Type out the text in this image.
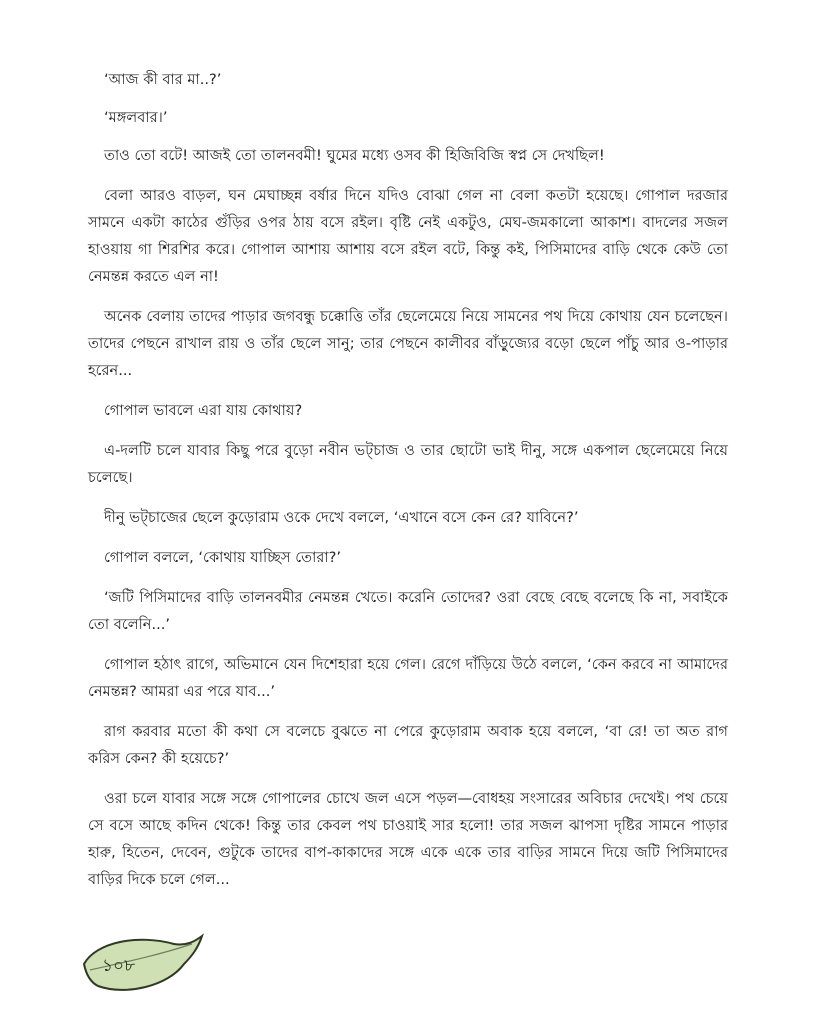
‘আজ কী বার মা..?’

‘মঙ্গলবার।’

তাও তো বটে! আজই তো তালনবমী! ঘুমের মধ্যে ওসব কী হিজিবিজি স্বপ্ন সে দেখছিল!

বেলা আরও বাড়ল, ঘন মেঘাচ্ছন্ন বর্ষার দিনে যদিও বোঝা গেল না বেলা কতটা হয়েছে। গোপাল দরজার সামনে একটা কাঠের গুঁড়ির ওপর ঠায় বসে রইল। বৃষ্টি নেই একটুও, মেঘ-জমকালো আকাশ। বাদলের সজল হাওয়ায় গা শিরশির করে। গোপাল আশায় আশায় বসে রইল বটে, কিন্তু কই, পিসিমাদের বাড়ি থেকে কেউ তো নেমন্তন্ন করতে এল না!

অনেক বেলায় তাদের পাড়ার জগবন্ধু চক্কোত্তি তাঁর ছেলেমেয়ে নিয়ে সামনের পথ দিয়ে কোথায় যেন চলেছেন। তাদের পেছনে রাখাল রায় ও তাঁর ছেলে সানু; তার পেছনে কালীবর বাঁড়ুজ্যের বড়ো ছেলে পাঁচু আর ও-পাড়ার হরেন...

গোপাল ভাবলে এরা যায় কোথায়?

এ-দলটি চলে যাবার কিছু পরে বুড়ো নবীন ভট্চাজ ও তার ছোটো ভাই দীনু, সঙ্গে একপাল ছেলেমেয়ে নিয়ে চলেছে।

দীনু ভট্চাজের ছেলে কুড়োরাম ওকে দেখে বললে, ‘এখানে বসে কেন রে? যাবিনে?’

গোপাল বললে, ‘কোথায় যাচ্ছিস তোরা?’

‘জটি পিসিমাদের বাড়ি তালনবমীর নেমন্তন্ন খেতে। করেনি তোদের? ওরা বেছে বেছে বলেছে কি না, সবাইকে তো বলেনি...’

গোপাল হঠাৎ রাগে, অভিমানে যেন দিশেহারা হয়ে গেল। রেগে দাঁড়িয়ে উঠে বললে, ‘কেন করবে না আমাদের নেমন্তন্ন? আমরা এর পরে যাব...’

রাগ করবার মতো কী কথা সে বলেচে বুঝতে না পেরে কুড়োরাম অবাক হয়ে বললে, ‘বা রে! তা অত রাগ করিস কেন? কী হয়েচে?’

ওরা চলে যাবার সঙ্গে সঙ্গে গোপালের চোখে জল এসে পড়ল—বোধহয় সংসারের অবিচার দেখেই। পথ চেয়ে সে বসে আছে কদিন থেকে! কিন্তু তার কেবল পথ চাওয়াই সার হলো! তার সজল ঝাপসা দৃষ্টির সামনে পাড়ার হারু, হিতেন, দেবেন, গুটুকে তাদের বাপ-কাকাদের সঙ্গে একে একে তার বাড়ির সামনে দিয়ে জটি পিসিমাদের বাড়ির দিকে চলে গেল...

১০৮
